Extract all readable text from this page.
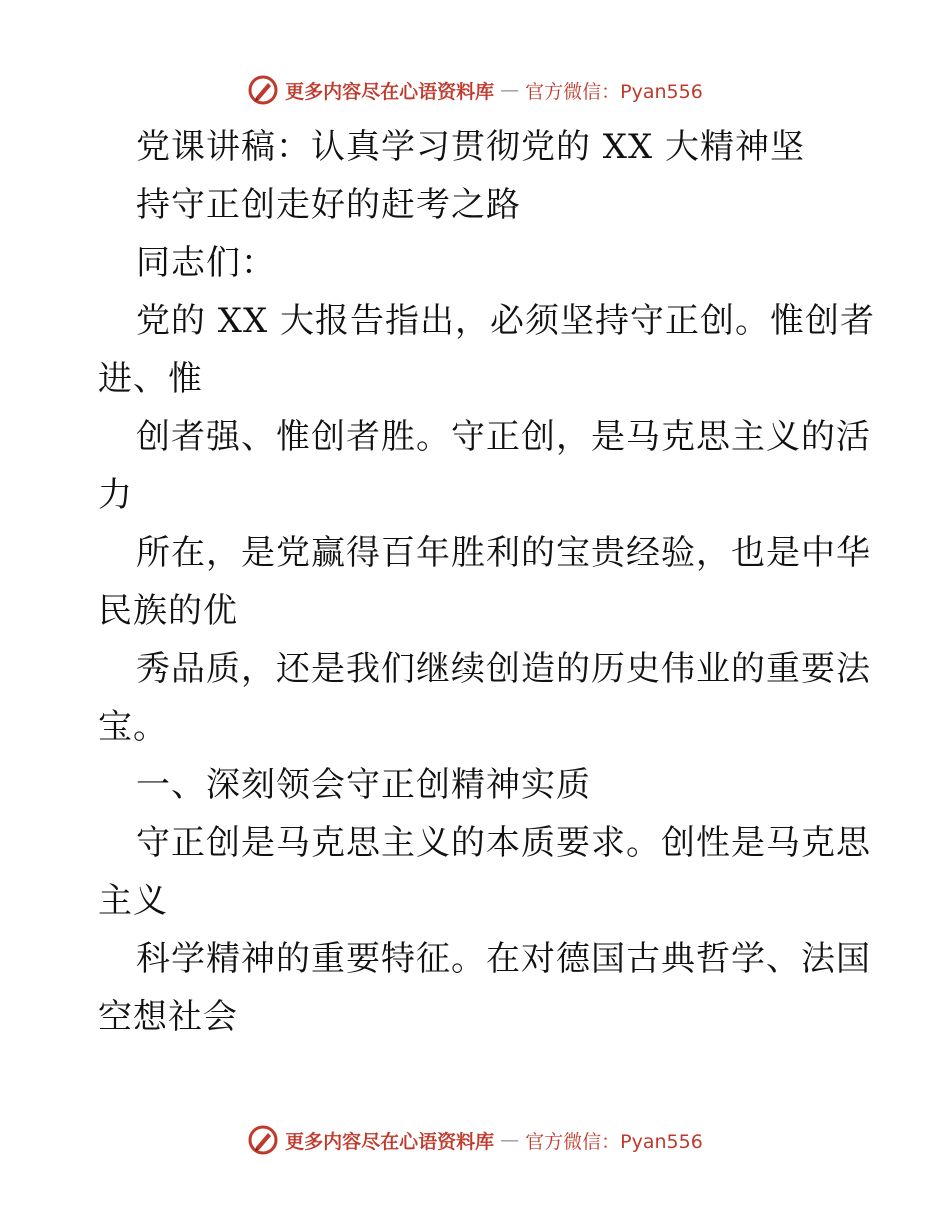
更多内容尽在心语资料库 — 官方微信：Pyan556
党课讲稿：认真学习贯彻党的 XX 大精神坚
持守正创走好的赶考之路
同志们：
党的 XX 大报告指出，必须坚持守正创。惟创者
进、惟
创者强、惟创者胜。守正创，是马克思主义的活
力
所在，是党赢得百年胜利的宝贵经验，也是中华
民族的优
秀品质，还是我们继续创造的历史伟业的重要法
宝。
一、深刻领会守正创精神实质
守正创是马克思主义的本质要求。创性是马克思
主义
科学精神的重要特征。在对德国古典哲学、法国
空想社会
更多内容尽在心语资料库 — 官方微信：Pyan556
